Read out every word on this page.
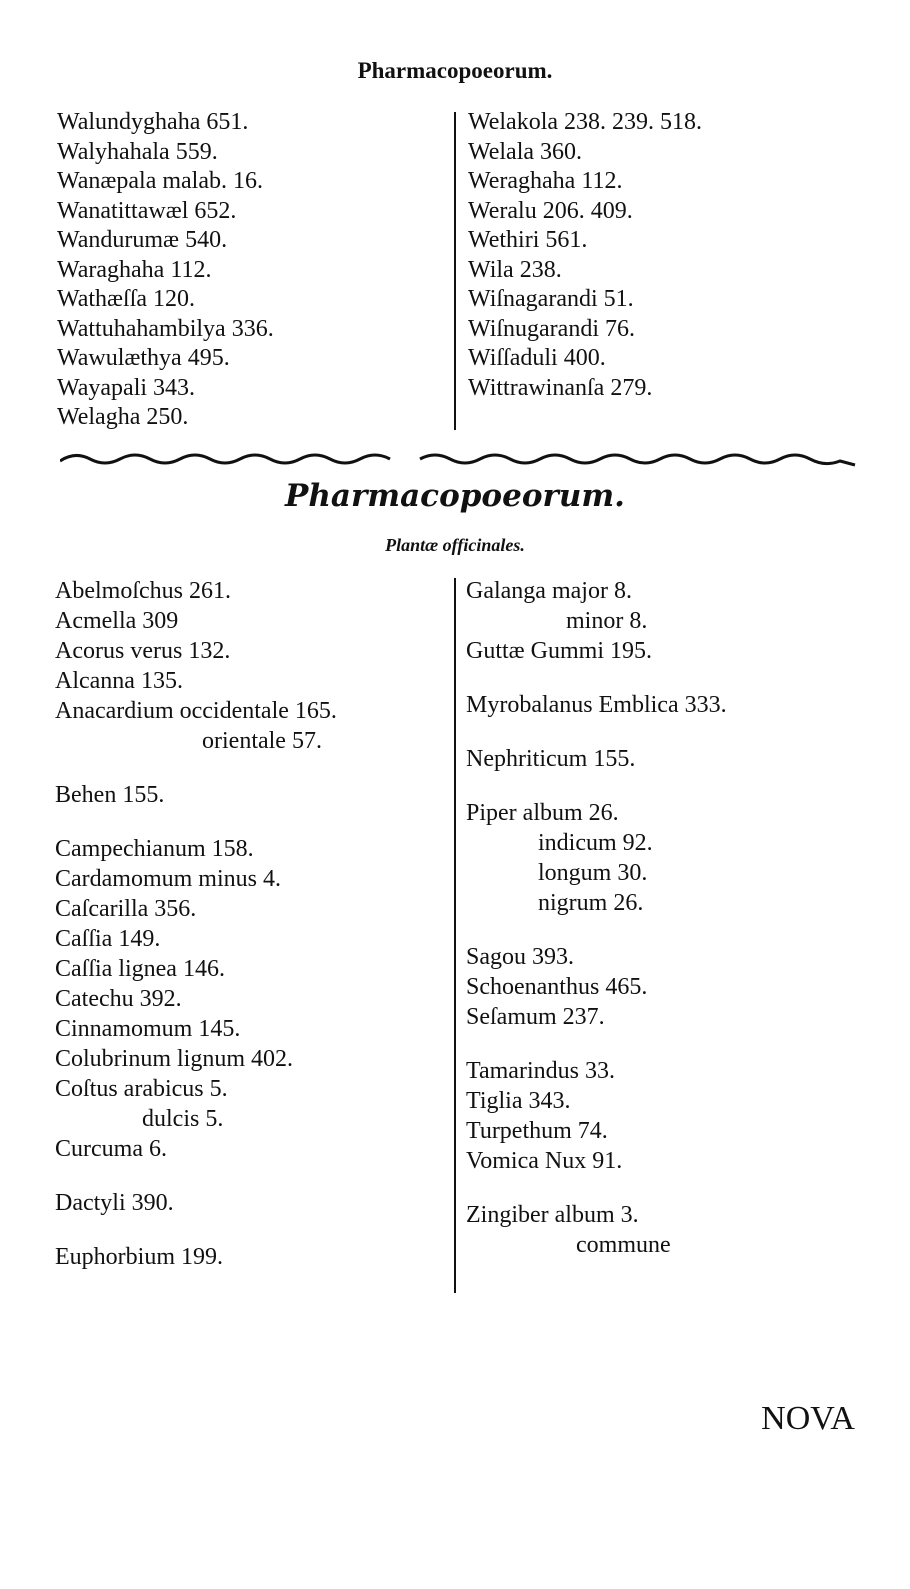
Pharmacopoeorum.
Walundyghaha 651.
Walyhahala 559.
Wanæpala malab. 16.
Wanatittawæl 652.
Wandurumæ 540.
Waraghaha 112.
Wathæſſa 120.
Wattuhahambilya 336.
Wawulæthya 495.
Wayapali 343.
Welagha 250.
Welakola 238. 239. 518.
Welala 360.
Weraghaha 112.
Weralu 206. 409.
Wethiri 561.
Wila 238.
Wiſnagarandi 51.
Wiſnugarandi 76.
Wiſſaduli 400.
Wittrawinanſa 279.
Pharmacopoeorum.
Plantæ officinales.
Abelmoſchus 261.
Acmella 309
Acorus verus 132.
Alcanna 135.
Anacardium occidentale 165.
orientale 57.

Behen 155.

Campechianum 158.
Cardamomum minus 4.
Caſcarilla 356.
Caſſia 149.
Caſſia lignea 146.
Catechu 392.
Cinnamomum 145.
Colubrinum lignum 402.
Coſtus arabicus 5.
dulcis 5.
Curcuma 6.

Dactyli 390.

Euphorbium 199.
Galanga major 8.
minor 8.
Guttæ Gummi 195.

Myrobalanus Emblica 333.

Nephriticum 155.

Piper album 26.
indicum 92.
longum 30.
nigrum 26.

Sagou 393.
Schoenanthus 465.
Seſamum 237.

Tamarindus 33.
Tiglia 343.
Turpethum 74.
Vomica Nux 91.

Zingiber album 3.
commune
NOVA
